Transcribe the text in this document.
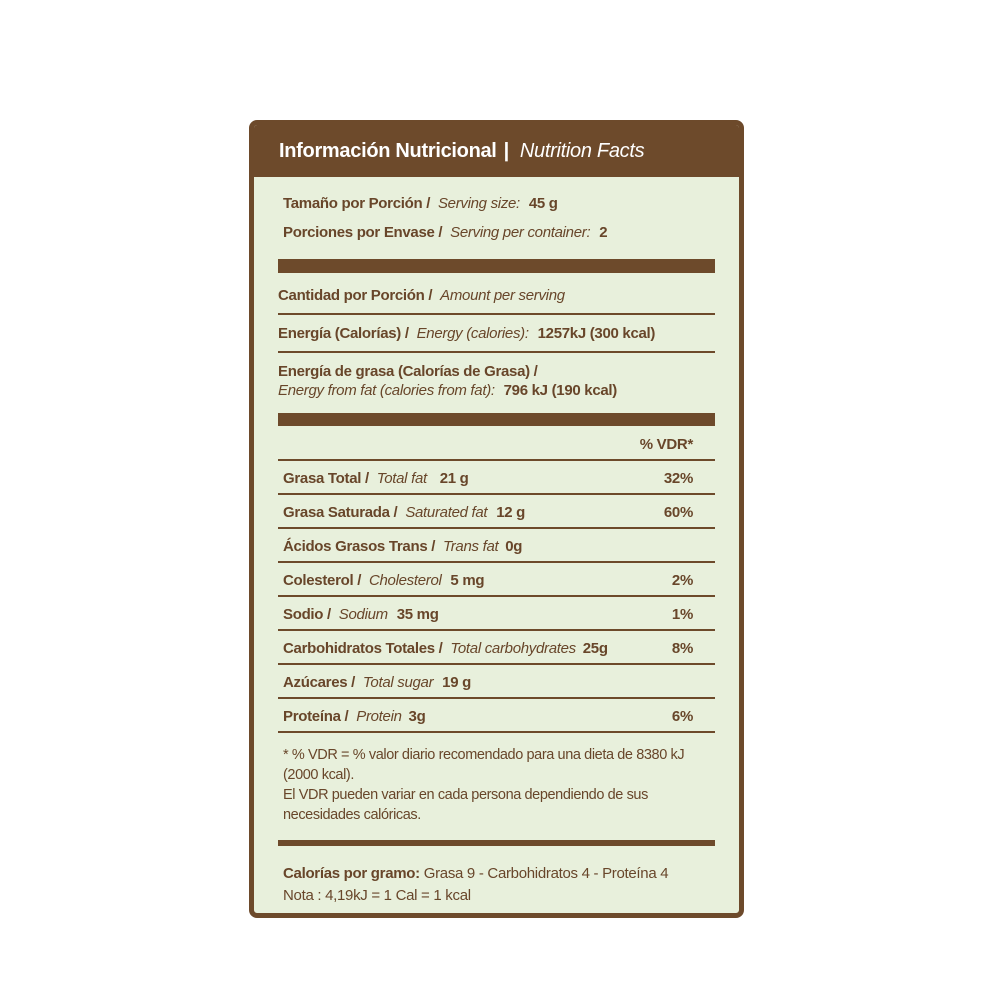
Información Nutricional | Nutrition Facts
Tamaño por Porción / Serving size: 45 g
Porciones por Envase / Serving per container: 2
Cantidad por Porción / Amount per serving
Energía (Calorías) / Energy (calories): 1257kJ (300 kcal)
Energía de grasa (Calorías de Grasa) /
Energy from fat (calories from fat): 796 kJ (190 kcal)
% VDR*
Grasa Total / Total fat 21 g	32%
Grasa Saturada / Saturated fat 12 g	60%
Ácidos Grasos Trans / Trans fat 0g
Colesterol / Cholesterol 5 mg	2%
Sodio / Sodium 35 mg	1%
Carbohidratos Totales / Total carbohydrates 25g	8%
Azúcares / Total sugar 19 g
Proteína / Protein 3g	6%
* % VDR = % valor diario recomendado para una dieta de 8380 kJ
(2000 kcal).
El VDR pueden variar en cada persona dependiendo de sus
necesidades calóricas.
Calorías por gramo: Grasa 9 - Carbohidratos 4 - Proteína 4
Nota : 4,19kJ = 1 Cal = 1 kcal
